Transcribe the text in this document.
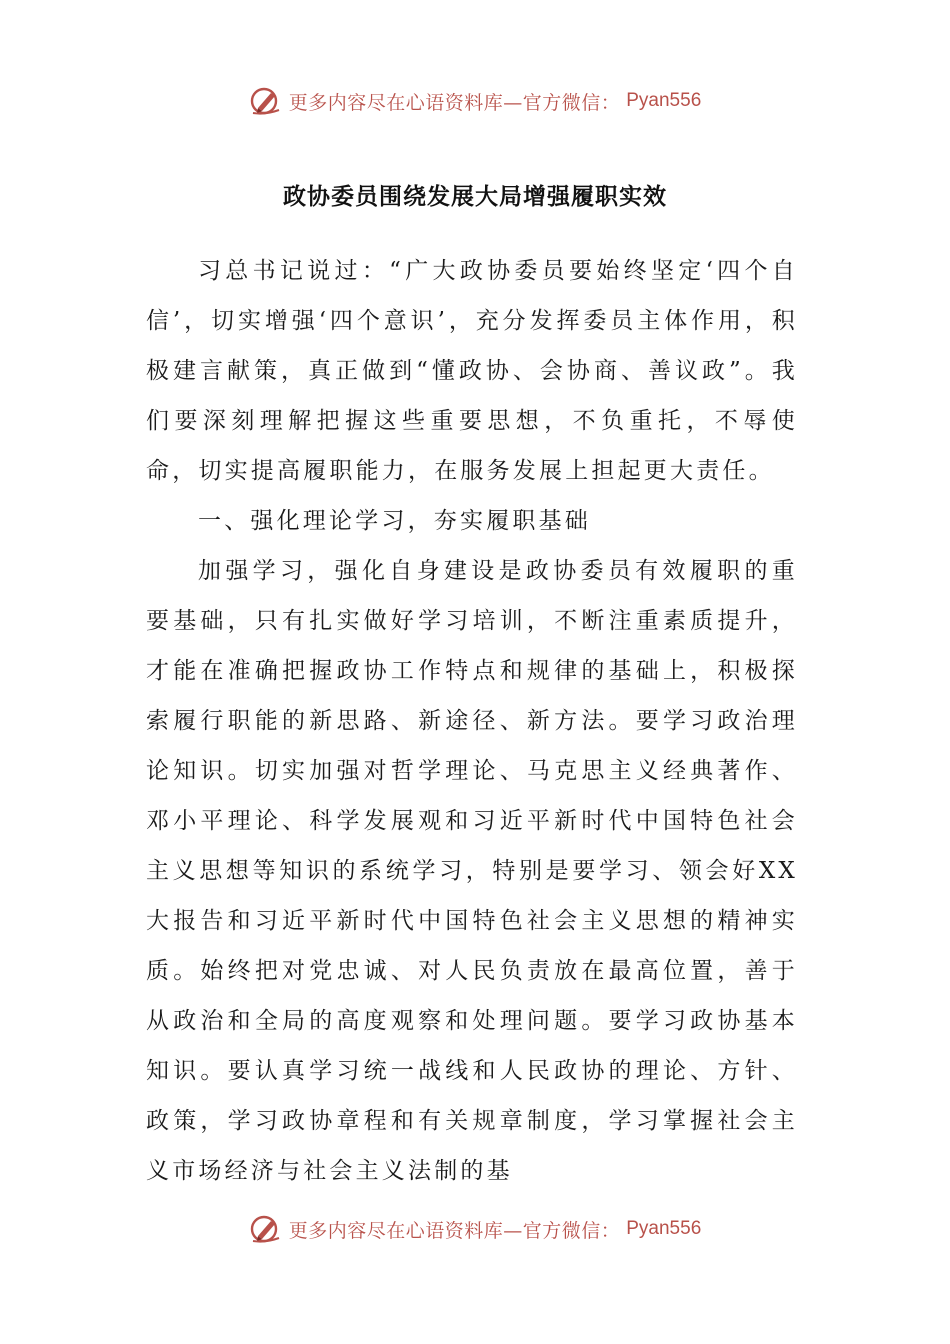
更多内容尽在心语资料库—官方微信： Pyan556
政协委员围绕发展大局增强履职实效

习总书记说过：“广大政协委员要始终坚定‘四个自信’，切实增强‘四个意识’，充分发挥委员主体作用，积极建言献策，真正做到“懂政协、会协商、善议政”。我们要深刻理解把握这些重要思想，不负重托，不辱使命，切实提高履职能力，在服务发展上担起更大责任。

一、强化理论学习，夯实履职基础

加强学习，强化自身建设是政协委员有效履职的重要基础，只有扎实做好学习培训，不断注重素质提升，才能在准确把握政协工作特点和规律的基础上，积极探索履行职能的新思路、新途径、新方法。要学习政治理论知识。切实加强对哲学理论、马克思主义经典著作、邓小平理论、科学发展观和习近平新时代中国特色社会主义思想等知识的系统学习，特别是要学习、领会好XX大报告和习近平新时代中国特色社会主义思想的精神实质。始终把对党忠诚、对人民负责放在最高位置，善于从政治和全局的高度观察和处理问题。要学习政协基本知识。要认真学习统一战线和人民政协的理论、方针、政策，学习政协章程和有关规章制度，学习掌握社会主义市场经济与社会主义法制的基

更多内容尽在心语资料库—官方微信： Pyan556
